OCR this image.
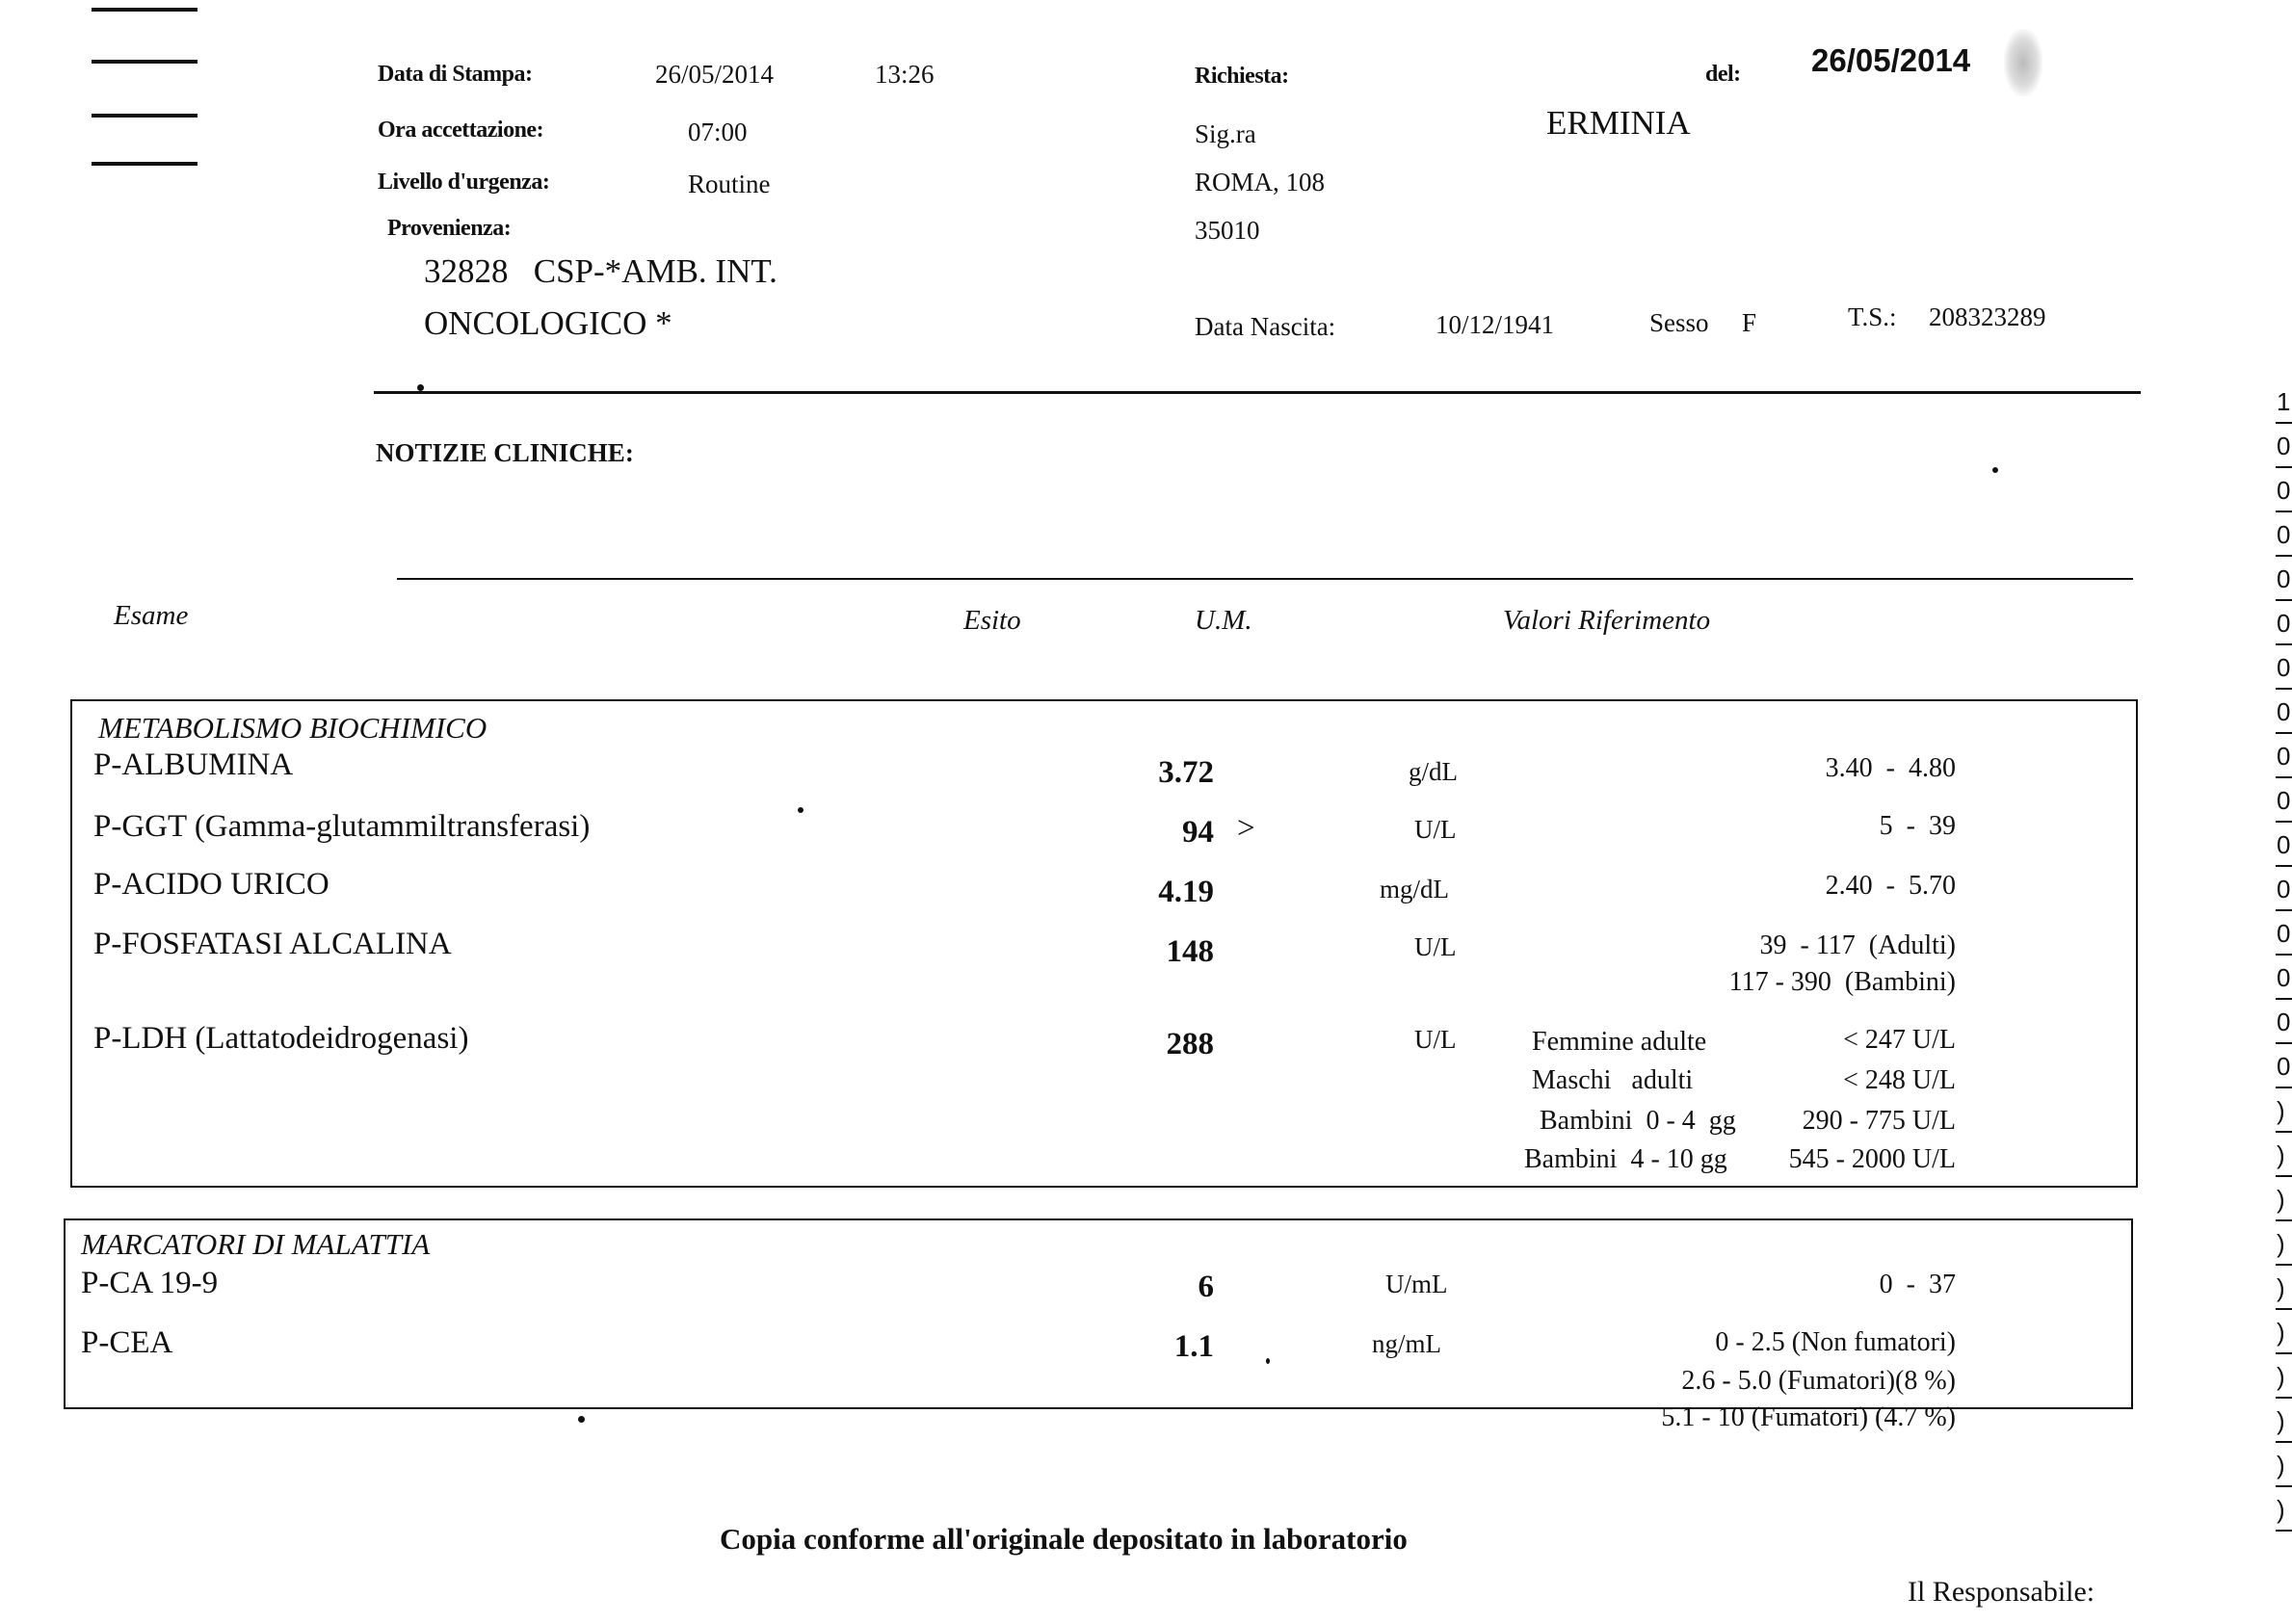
Data di Stampa:	26/05/2014	13:26
Ora accettazione:	07:00
Livello d'urgenza:	Routine
Provenienza:
32828   CSP-*AMB. INT.
ONCOLOGICO *
Richiesta:	del: 26/05/2014
Sig.ra	ERMINIA
ROMA, 108
35010
Data Nascita:	10/12/1941	Sesso F	T.S.: 208323289
NOTIZIE CLINICHE:
Esame	Esito	U.M.	Valori Riferimento
METABOLISMO BIOCHIMICO
P-ALBUMINA	3.72	g/dL	3.40  -  4.80
P-GGT (Gamma-glutammiltransferasi)	94 >	U/L	5  -  39
P-ACIDO URICO	4.19	mg/dL	2.40  -  5.70
P-FOSFATASI ALCALINA	148	U/L	39  - 117  (Adulti)
117 - 390  (Bambini)
P-LDH (Lattatodeidrogenasi)	288	U/L	Femmine adulte	< 247 U/L
Maschi   adulti	< 248 U/L
Bambini  0 - 4  gg	290 - 775 U/L
Bambini  4 - 10 gg	545 - 2000 U/L
MARCATORI DI MALATTIA
P-CA 19-9	6	U/mL	0  -  37
P-CEA	1.1	ng/mL	0 - 2.5 (Non fumatori)
2.6 - 5.0 (Fumatori)(8 %)
5.1 - 10 (Fumatori) (4.7 %)
Copia conforme all'originale depositato in laboratorio
Il Responsabile:
1
0
0
0
0
0
0
0
0
0
0
0
0
0
0
0
)
)
)
)
)
)
)
)
)
)
